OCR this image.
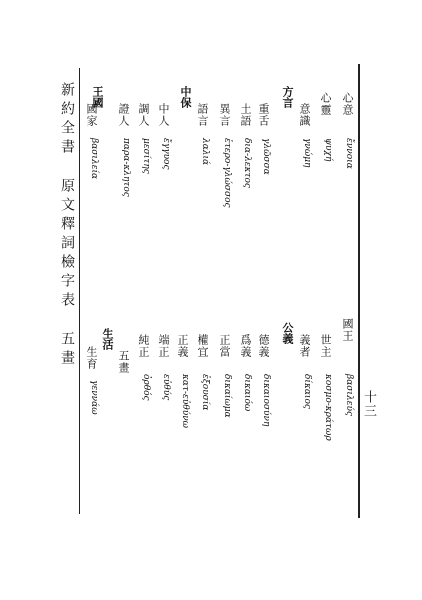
新約全書原文釋詞檢字表五畫
方言
中保
王國	心意
心靈
意識
重舌
土語
異言
語言
中人
調人
證人
國家
ἔννοια
ψυχή
γνώμη
γλῶσσα
δια-λεκτος
ἑτερο-γλώσσος
λαλιά
ἔγγυος
μεσίτης
παρα-κλητος
βασιλεία
公義
生活
五畫
國王
世主
義者
德義
爲義
正當
權宜
正義
端正
純正
生育
βασιλεύς
κοσμο-κράτωρ
δίκαιος
δικαιοσύνη
δικαιόω
δικαίωμα
ἐξουσία
κατ-εὐθύνω
εὐθύς
ὀρθός
γεννάω	十三
